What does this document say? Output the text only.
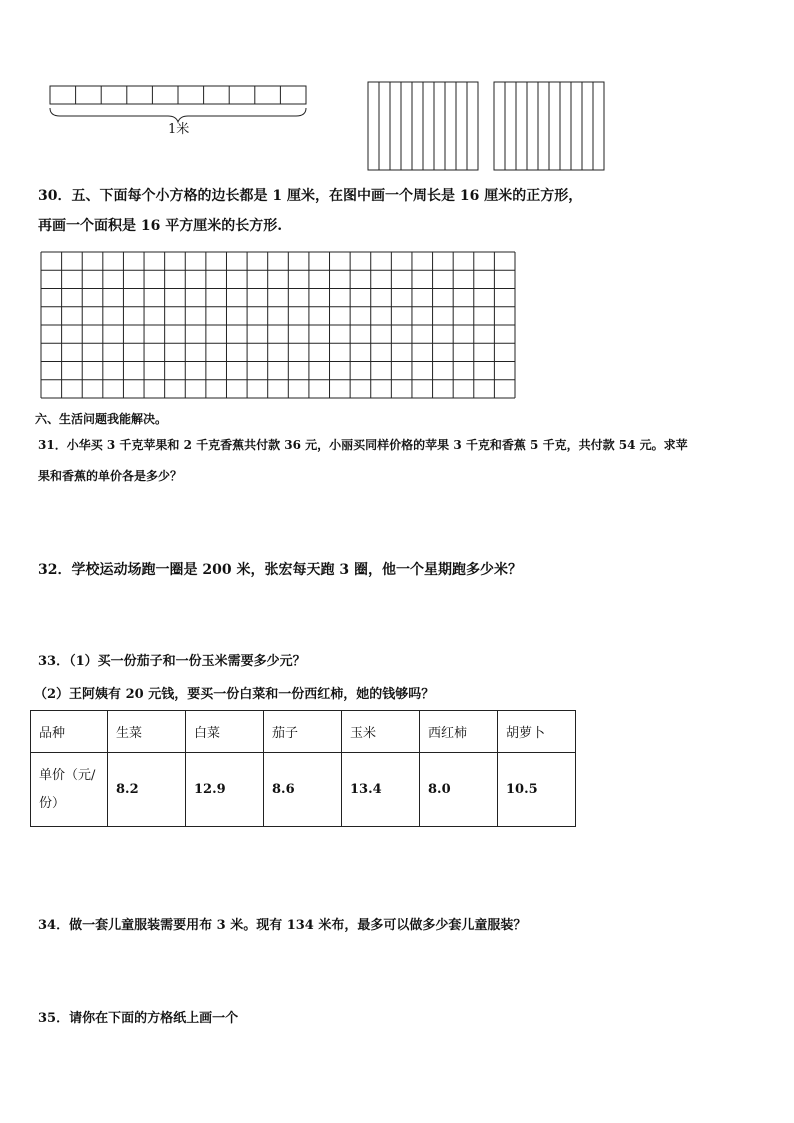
1米
30．五、下面每个小方格的边长都是 1 厘米，在图中画一个周长是 16 厘米的正方形，
再画一个面积是 16 平方厘米的长方形.
六、生活问题我能解决。
31．小华买 3 千克苹果和 2 千克香蕉共付款 36 元，小丽买同样价格的苹果 3 千克和香蕉 5 千克，共付款 54 元。求苹
果和香蕉的单价各是多少？
32．学校运动场跑一圈是 200 米，张宏每天跑 3 圈，他一个星期跑多少米？
33．（1）买一份茄子和一份玉米需要多少元？
（2）王阿姨有 20 元钱，要买一份白菜和一份西红柿，她的钱够吗？
品种	生菜	白菜	茄子	玉米	西红柿	胡萝卜

单价（元/
份）	8.2	12.9	8.6	13.4	8.0	10.5
34．做一套儿童服装需要用布 3 米。现有 134 米布，最多可以做多少套儿童服装？
35．请你在下面的方格纸上画一个
